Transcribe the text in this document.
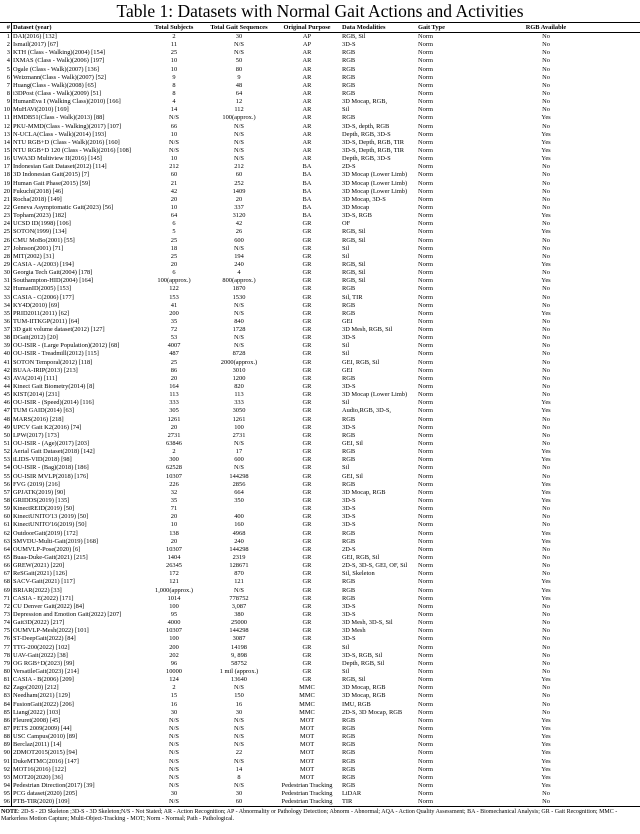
Table 1: Datasets with Normal Gait Actions and Activities
#	Dataset (year)	Total Subjects	Total Gait Sequences	Original Purpose	Data Modalities	Gait Type	RGB Available
1	DAI(2016) [132]	2	30	AP	RGB, Sil	Norm	No
2	Ismail(2017) [67]	11	N/S	AP	3D-S	Norm	No
3	KTH (Class - Walking)(2004) [154]	25	N/S	AR	RGB	Norm	No
4	IXMAS (Class - Walk)(2006) [197]	10	50	AR	RGB	Norm	No
5	Ogale (Class - Walk)(2007) [136]	10	80	AR	RGB	Norm	No
6	Weizmann(Class - Walk)(2007) [52]	9	9	AR	RGB	Norm	No
7	Huang(Class - Walk)(2008) [65]	8	48	AR	RGB	Norm	No
8	i3DPost (Class - Walk)(2009) [51]	8	64	AR	RGB	Norm	No
9	HumanEva I (Walking Class)(2010) [166]	4	12	AR	3D Mocap, RGB,	Norm	No
10	MuHAVi(2010) [169]	14	112	AR	Sil	Norm	No
11	HMDB51(Class - Walk)(2013) [88]	N/S	100(approx.)	AR	RGB	Norm	Yes
12	PKU-MMD(Class - Walking)(2017) [107]	66	N/S	AR	3D-S, depth, RGB	Norm	No
13	N-UCLA(Class - Walk)(2014) [193]	10	N/S	AR	Depth, RGB, 3D-S	Norm	Yes
14	NTU RGB+D (Class - Walk)(2016) [160]	N/S	N/S	AR	3D-S, Depth, RGB, TIR	Norm	Yes
15	NTU RGB+D 120 (Class - Walk)(2016) [108]	N/S	N/S	AR	3D-S, Depth, RGB, TIR	Norm	Yes
16	UWA3D Multiview II(2016) [145]	10	N/S	AR	Depth, RGB, 3D-S	Norm	Yes
17	Indonesian Gait Dataset(2012) [114]	212	212	BA	2D-S	Norm	No
18	3D Indonesian Gait(2015) [7]	60	60	BA	3D Mocap (Lower Limb)	Norm	No
19	Human Gait Phase(2015) [59]	21	252	BA	3D Mocap (Lower Limb)	Norm	No
20	Fukuchi(2018) [46]	42	1409	BA	3D Mocap (Lower Limb)	Norm	No
21	Rocha(2018) [149]	20	20	BA	3D Mocap, 3D-S	Norm	No
22	Geneva Asymptomatic Gait(2023) [56]	10	337	BA	3D Mocap	Norm	No
23	Topham(2023) [182]	64	3120	BA	3D-S, RGB	Norm	Yes
24	UCSD ID(1998) [106]	6	42	GR	OF	Norm	No
25	SOTON(1999) [134]	5	26	GR	RGB, Sil	Norm	Yes
26	CMU MoBo(2001) [55]	25	600	GR	RGB, Sil	Norm	No
27	Johnson(2001) [71]	18	N/S	GR	Sil	Norm	No
28	MIT(2002) [31]	25	194	GR	Sil	Norm	No
29	CASIA - A(2003) [194]	20	240	GR	RGB, Sil	Norm	Yes
30	Georgia Tech Gait(2004) [178]	6	4	GR	RGB, Sil	Norm	No
31	Southampton-HID(2004) [164]	100(approx.)	800(approx.)	GR	RGB, Sil	Norm	Yes
32	HumanID(2005) [153]	122	1870	GR	RGB	Norm	No
33	CASIA - C(2006) [177]	153	1530	GR	Sil, TIR	Norm	No
34	KY4D(2010) [69]	41	N/S	GR	RGB	Norm	No
35	PRID2011(2011) [62]	200	N/S	GR	RGB	Norm	Yes
36	TUM-IITKGP(2011) [64]	35	840	GR	GEI	Norm	No
37	3D gait volume dataset(2012) [127]	72	1728	GR	3D Mesh, RGB, Sil	Norm	No
38	DGait(2012) [20]	53	N/S	GR	3D-S	Norm	No
39	OU-ISIR - (Large Population)(2012) [68]	4007	N/S	GR	Sil	Norm	No
40	OU-ISIR - Treadmill(2012) [115]	487	8728	GR	Sil	Norm	No
41	SOTON Temporal(2012) [118]	25	2000(approx.)	GR	GEI, RGB, Sil	Norm	No
42	BUAA-IRIP(2013) [213]	86	3010	GR	GEI	Norm	No
43	AVA(2014) [111]	20	1200	GR	RGB	Norm	No
44	Kinect Gait Biometry(2014) [8]	164	820	GR	3D-S	Norm	No
45	KIST(2014) [231]	113	113	GR	3D Mocap (Lower Limb)	Norm	No
46	OU-ISIR - (Speed)(2014) [116]	333	333	GR	Sil	Norm	Yes
47	TUM GAID(2014) [63]	305	3050	GR	Audio,RGB, 3D-S,	Norm	Yes
48	MARS(2016) [218]	1261	1261	GR	RGB	Norm	No
49	UPCV Gait K2(2016) [74]	20	100	GR	3D-S	Norm	No
50	LPW(2017) [173]	2731	2731	GR	RGB	Norm	No
51	OU-ISIR - (Age)(2017) [203]	63846	N/S	GR	GEI, Sil	Norm	No
52	Aerial Gait Dataset(2018) [142]	2	17	GR	RGB	Norm	Yes
53	iLIDS-VID(2018) [98]	300	600	GR	RGB	Norm	Yes
54	OU-ISIR - (Bag)(2018) [186]	62528	N/S	GR	Sil	Norm	No
55	OU-ISIR MVLP(2018) [176]	10307	144298	GR	GEI, Sil	Norm	No
56	FVG (2019) [216]	226	2856	GR	RGB	Norm	Yes
57	GPJATK(2019) [90]	32	664	GR	3D Mocap, RGB	Norm	Yes
58	GRIDDS(2019) [135]	35	350	GR	3D-S	Norm	Yes
59	KinectREID(2019) [50]	71		GR	3D-S	Norm	No
60	KinectUNITO'13 (2019) [50]	20	400	GR	3D-S	Norm	No
61	KinectUNITO'16(2019) [50]	10	160	GR	3D-S	Norm	No
62	OutdoorGait(2019) [172]	138	4968	GR	RGB	Norm	Yes
63	SMVDU-Multi-Gait(2019) [168]	20	240	GR	RGB	Norm	Yes
64	OUMVLP-Pose(2020) [6]	10307	144298	GR	2D-S	Norm	No
65	Buaa-Duke-Gait(2021) [215]	1404	2319	GR	GEI, RGB, Sil	Norm	No
66	GREW(2021) [220]	26345	128671	GR	2D-S, 3D-S, GEI, OF, Sil	Norm	No
67	ReSGait(2021) [126]	172	870	GR	Sil, Skeleton	Norm	No
68	SACV-Gait(2021) [117]	121	121	GR	RGB	Norm	Yes
69	BRIAR(2022) [33]	1,000(approx.)	N/S	GR	RGB	Norm	Yes
71	CASIA - E(2022) [171]	1014	778752	GR	RGB	Norm	Yes
72	CU Denver Gait(2022) [84]	100	3,087	GR	3D-S	Norm	No
73	Depression and Emotion Gait(2022) [207]	95	380	GR	3D-S	Norm	No
74	Gait3D(2022) [217]	4000	25000	GR	3D Mesh, 3D-S, Sil	Norm	No
75	OUMVLP-Mesh(2022) [101]	10307	144298	GR	3D Mesh	Norm	No
76	ST-DeepGait(2022) [84]	100	3087	GR	3D-S	Norm	No
77	TTG-200(2022) [102]	200	14198	GR	Sil	Norm	No
78	UAV-Gait(2022) [38]	202	9, 898	GR	3D-S, RGB, Sil	Norm	No
79	OG RGB+D(2023) [99]	96	58752	GR	Depth, RGB, Sil	Norm	No
80	VersatileGait(2023) [214]	10000	1 mil (approx.)	GR	Sil	Norm	No
81	CASIA - B(2006) [209]	124	13640	GR	RGB, Sil	Norm	Yes
82	Zago(2020) [212]	2	N/S	MMC	3D Mocap, RGB	Norm	No
83	Needham(2021) [129]	15	150	MMC	3D Mocap, RGB	Norm	No
84	FusionGait(2022) [206]	16	16	MMC	IMU, RGB	Norm	No
85	Liang(2022) [103]	30	30	MMC	2D-S, 3D Mocap, RGB	Norm	No
86	Fleuret(2008) [45]	N/S	N/S	MOT	RGB	Norm	Yes
87	PETS 2009(2009) [44]	N/S	N/S	MOT	RGB	Norm	Yes
88	USC Campus(2010) [89]	N/S	N/S	MOT	RGB	Norm	Yes
89	Berclaz(2011) [14]	N/S	N/S	MOT	RGB	Norm	Yes
90	2DMOT2015(2015) [94]	N/S	22	MOT	RGB	Norm	Yes
91	DukeMTMC(2016) [147]	N/S	N/S	MOT	RGB	Norm	Yes
92	MOT16(2016) [122]	N/S	14	MOT	RGB	Norm	Yes
93	MOT20(2020) [36]	N/S	8	MOT	RGB	Norm	Yes
94	Pedestrian Direction(2017) [39]	N/S	N/S	Pedestrian Tracking	RGB	Norm	Yes
95	PCG dataset(2020) [205]	30	30	Pedestrian Tracking	LiDAR	Norm	No
96	PTB-TIR(2020) [109]	N/S	60	Pedestrian Tracking	TIR	Norm	No
NOTE: 2D-S - 2D Skeleton ;3D-S - 3D Skeleton;N/S - Not Stated; AR - Action Recognition; AP - Abnormality or Pathology Detection; Abnorm - Abnormal; AQA - Action Quality Assessment; BA - Biomechanical Analysis; GR - Gait Recognition; MMC - Markerless Motion Capture; Multi-Object-Tracking - MOT; Norm - Normal; Path - Pathological.
